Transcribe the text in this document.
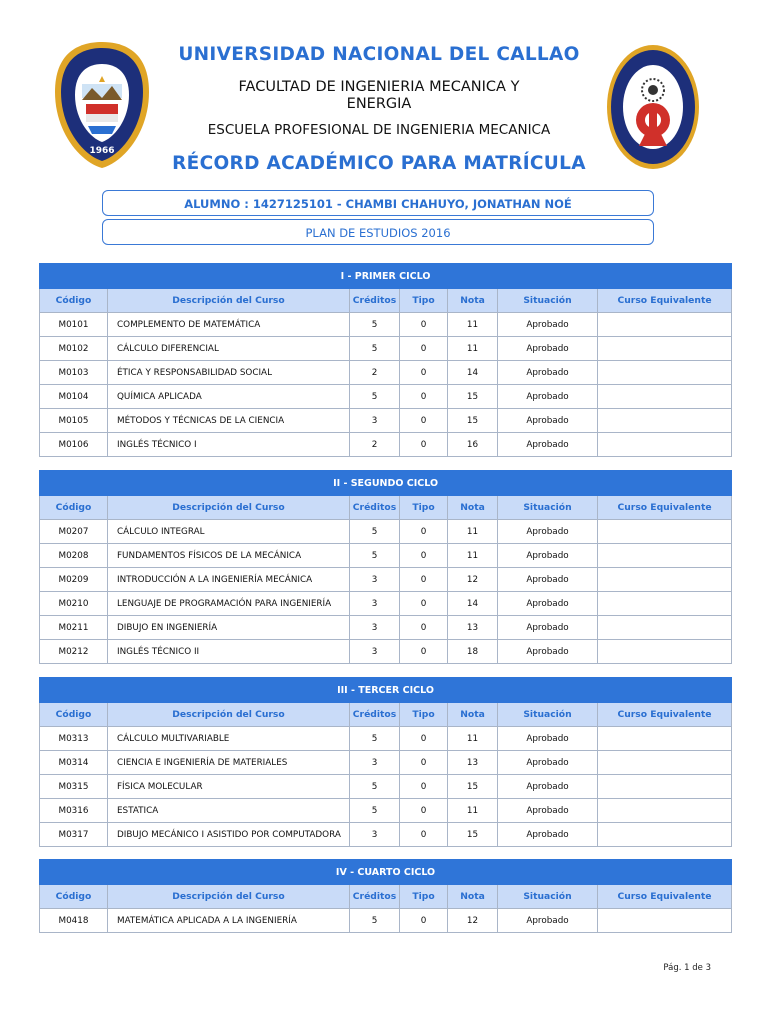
1966
UNIVERSIDAD NACIONAL DEL CALLAO
FACULTAD DE INGENIERIA MECANICA Y
ENERGIA
ESCUELA PROFESIONAL DE INGENIERIA MECANICA
RÉCORD ACADÉMICO PARA MATRÍCULA
ALUMNO : 1427125101 - CHAMBI CHAHUYO, JONATHAN NOÉ
PLAN DE ESTUDIOS 2016
I - PRIMER CICLO						
Código	Descripción del Curso	Créditos	Tipo	Nota	Situación	Curso Equivalente
M0101	COMPLEMENTO DE MATEMÁTICA	5	0	11	Aprobado	
M0102	CÁLCULO DIFERENCIAL	5	0	11	Aprobado	
M0103	ÉTICA Y RESPONSABILIDAD SOCIAL	2	0	14	Aprobado	
M0104	QUÍMICA APLICADA	5	0	15	Aprobado	
M0105	MÉTODOS Y TÉCNICAS DE LA CIENCIA	3	0	15	Aprobado	
M0106	INGLÉS TÉCNICO I	2	0	16	Aprobado	
II - SEGUNDO CICLO						
Código	Descripción del Curso	Créditos	Tipo	Nota	Situación	Curso Equivalente
M0207	CÁLCULO INTEGRAL	5	0	11	Aprobado	
M0208	FUNDAMENTOS FÍSICOS DE LA MECÁNICA	5	0	11	Aprobado	
M0209	INTRODUCCIÓN A LA INGENIERÍA MECÁNICA	3	0	12	Aprobado	
M0210	LENGUAJE DE PROGRAMACIÓN PARA INGENIERÍA	3	0	14	Aprobado	
M0211	DIBUJO EN INGENIERÍA	3	0	13	Aprobado	
M0212	INGLÉS TÉCNICO II	3	0	18	Aprobado	
III - TERCER CICLO						
Código	Descripción del Curso	Créditos	Tipo	Nota	Situación	Curso Equivalente
M0313	CÁLCULO MULTIVARIABLE	5	0	11	Aprobado	
M0314	CIENCIA E INGENIERÍA DE MATERIALES	3	0	13	Aprobado	
M0315	FÍSICA MOLECULAR	5	0	15	Aprobado	
M0316	ESTATICA	5	0	11	Aprobado	
M0317	DIBUJO MECÁNICO I ASISTIDO POR COMPUTADORA	3	0	15	Aprobado	
IV - CUARTO CICLO						
Código	Descripción del Curso	Créditos	Tipo	Nota	Situación	Curso Equivalente
M0418	MATEMÁTICA APLICADA A LA INGENIERÍA	5	0	12	Aprobado	
Pág. 1 de 3
